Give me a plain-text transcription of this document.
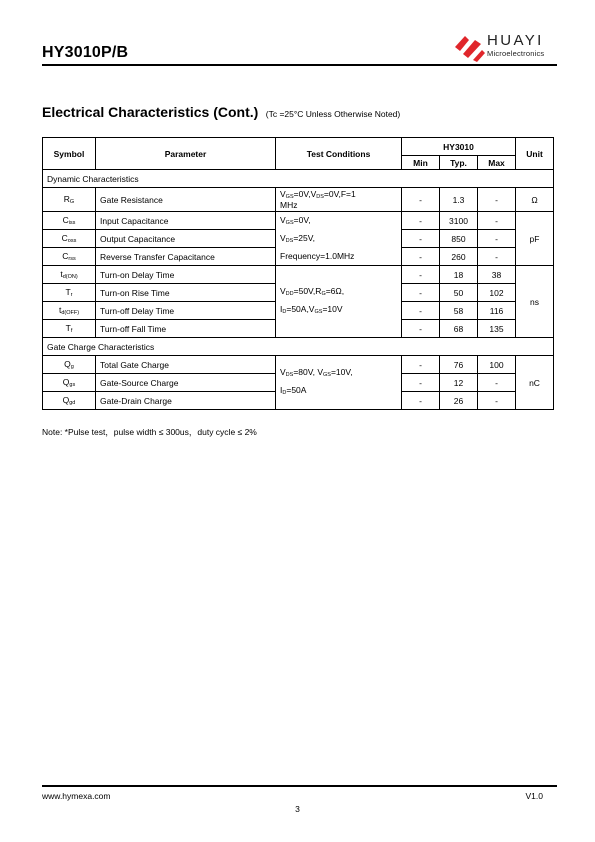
HY3010P/B
HUAYI
Microelectronics
Electrical Characteristics (Cont.) (Tc =25°C Unless Otherwise Noted)
Symbol	Parameter	Test Conditions	HY3010			Unit
			Min	Typ.	Max	
Dynamic Characteristics						
RG	Gate Resistance	VGS=0V,VDS=0V,F=1
MHz	-	1.3	-	Ω
Ciss	Input Capacitance	VGS=0V,
VDS=25V,
Frequency=1.0MHz	-	3100	-	pF
Coss	Output Capacitance		-	850	-	
Crss	Reverse Transfer Capacitance		-	260	-	
td(ON)	Turn-on Delay Time	VDD=50V,RG=6Ω,
ID=50A,VGS=10V	-	18	38	ns
Tr	Turn-on Rise Time		-	50	102	
td(OFF)	Turn-off Delay Time		-	58	116	
Tf	Turn-off Fall Time		-	68	135	
Gate Charge Characteristics						
Qg	Total Gate Charge	VDS=80V, VGS=10V,
ID=50A	-	76	100	nC
Qgs	Gate-Source Charge		-	12	-	
Qgd	Gate-Drain Charge		-	26	-	
Note: *Pulse test，pulse width ≤ 300us，duty cycle ≤ 2%
www.hymexa.com	V1.0
3
